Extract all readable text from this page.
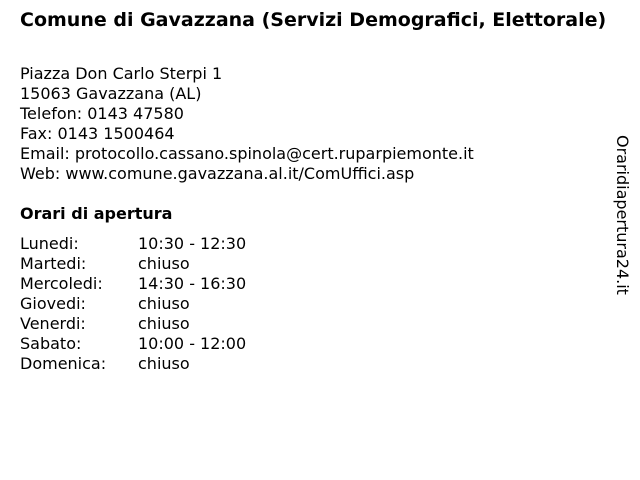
Comune di Gavazzana (Servizi Demografici, Elettorale)
Piazza Don Carlo Sterpi 1
15063 Gavazzana (AL)
Telefon: 0143 47580
Fax: 0143 1500464
Email: protocollo.cassano.spinola@cert.ruparpiemonte.it
Web: www.comune.gavazzana.al.it/ComUffici.asp
Orari di apertura
Lunedi:	10:30 - 12:30
Martedi:	chiuso
Mercoledi:	14:30 - 16:30
Giovedi:	chiuso
Venerdi:	chiuso
Sabato:	10:00 - 12:00
Domenica:	chiuso
Oraridiapertura24.it
